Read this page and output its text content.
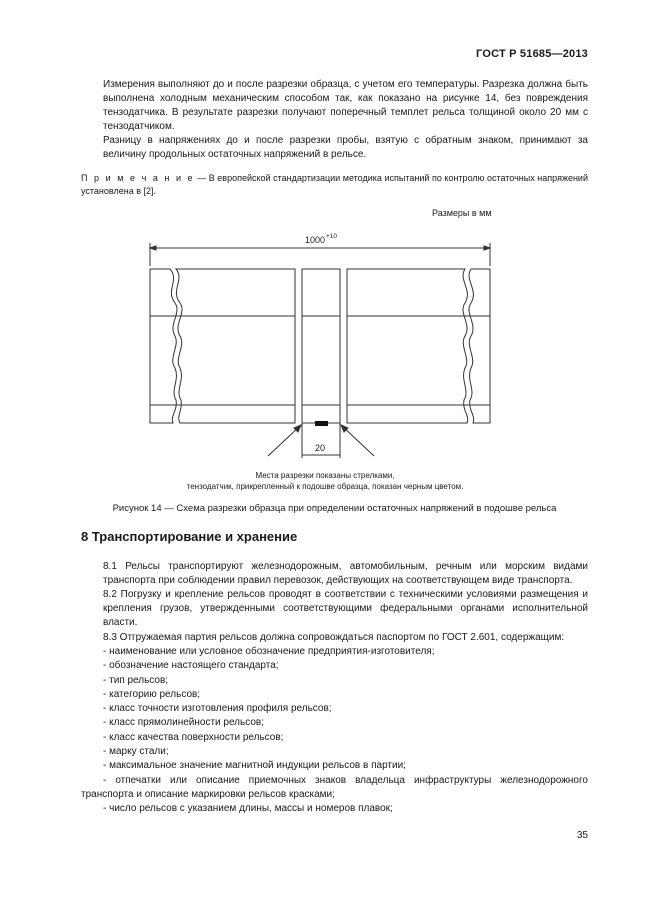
ГОСТ Р 51685—2013
Измерения выполняют до и после разрезки образца, с учетом его температуры. Разрезка должна быть выполнена холодным механическим способом так, как показано на рисунке 14, без повреждения тензодатчика. В результате разрезки получают поперечный темплет рельса толщиной около 20 мм с тензодатчиком.
Разницу в напряжениях до и после разрезки пробы, взятую с обратным знаком, принимают за величину продольных остаточных напряжений в рельсе.
П р и м е ч а н и е — В европейской стандартизации методика испытаний по контролю остаточных напряжений установлена в [2].
Размеры в мм
1000 +10
20
Места разрезки показаны стрелками,
тензодатчик, прикрепленный к подошве образца, показан черным цветом.
Рисунок 14 — Схема разрезки образца при определении остаточных напряжений в подошве рельса
8 Транспортирование и хранение
8.1 Рельсы транспортируют железнодорожным, автомобильным, речным или морским видами транспорта при соблюдении правил перевозок, действующих на соответствующем виде транспорта.
8.2 Погрузку и крепление рельсов проводят в соответствии с техническими условиями размещения и крепления грузов, утвержденными соответствующими федеральными органами исполнительной власти.
8.3 Отгружаемая партия рельсов должна сопровождаться паспортом по ГОСТ 2.601, содержащим:
- наименование или условное обозначение предприятия-изготовителя;
- обозначение настоящего стандарта;
- тип рельсов;
- категорию рельсов;
- класс точности изготовления профиля рельсов;
- класс прямолинейности рельсов;
- класс качества поверхности рельсов;
- марку стали;
- максимальное значение магнитной индукции рельсов в партии;
- отпечатки или описание приемочных знаков владельца инфраструктуры железнодорожного транспорта и описание маркировки рельсов красками;
- число рельсов с указанием длины, массы и номеров плавок;
35
